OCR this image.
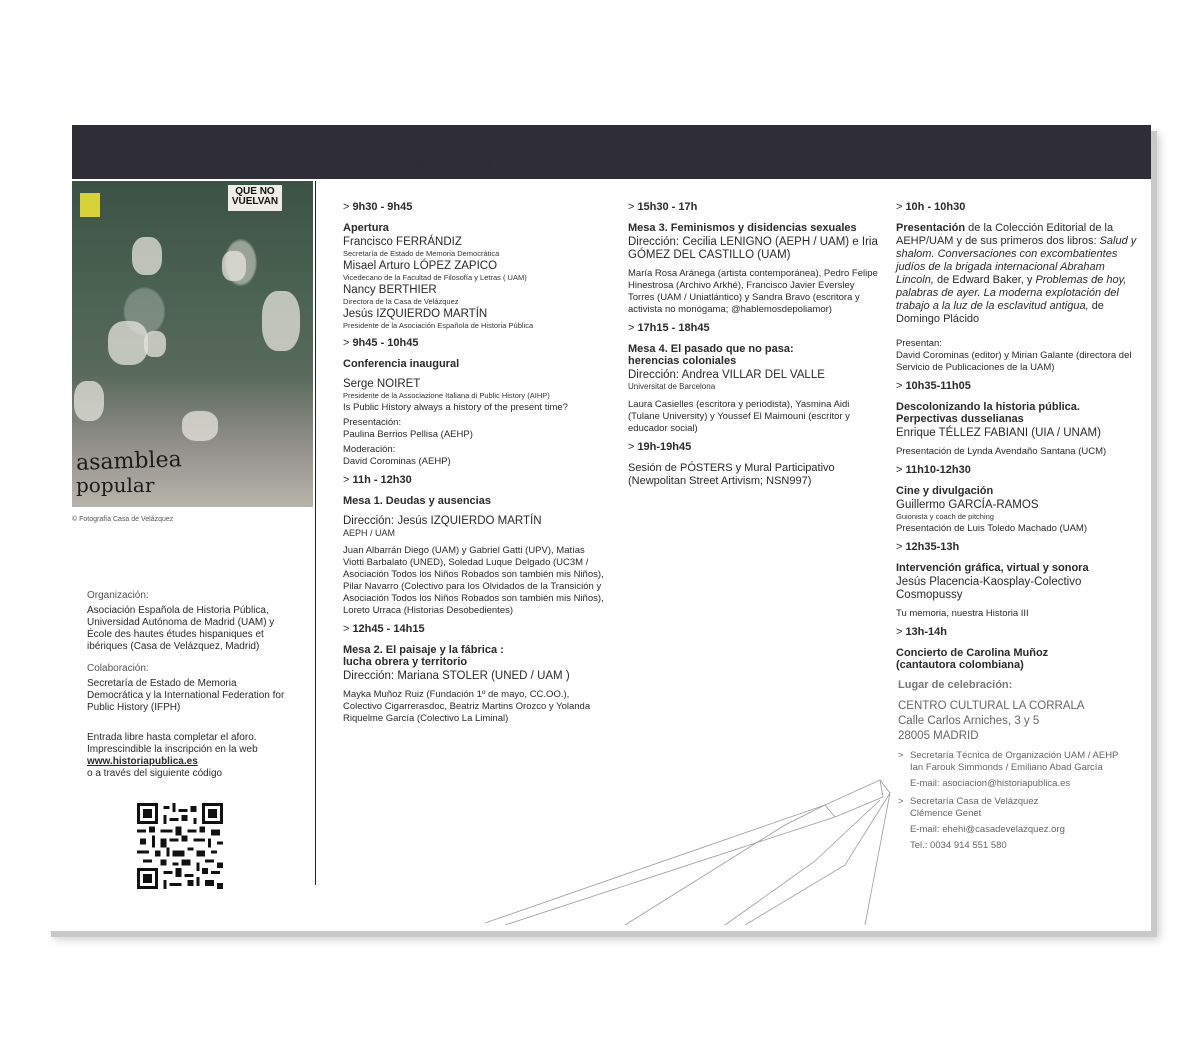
VIERNES 6/10	SÁBADO 7/10
QUE NO VUELVAN
asamblea
popular
© Fotografía Casa de Velázquez
Organización:

Asociación Española de Historia Pública, Universidad Autónoma de Madrid (UAM) y École des hautes études hispaniques et ibériques (Casa de Velázquez, Madrid)

Colaboración:

Secretaría de Estado de Memoria Democrática y la International Federation for Public History (IFPH)

Entrada libre hasta completar el aforo. Imprescindible la inscripción en la web
www.historiapublica.es
o a través del siguiente código
> 9h30 - 9h45
Apertura
Francisco FERRÁNDIZ
Secretaría de Estado de Memoria Democrática
Misael Arturo LÓPEZ ZAPICO
Vicedecano de la Facultad de Filosofía y Letras ( UAM)
Nancy BERTHIER
Directora de la Casa de Velázquez
Jesús IZQUIERDO MARTÍN
Presidente de la Asociación Española de Historia Pública
> 9h45 - 10h45
Conferencia inaugural
Serge NOIRET
Presidente de la Associazione Italiana di Public History (AIHP)
Is Public History always a history of the present time?
Presentación:
Paulina Berrios Pellisa (AEHP)
Moderación:
David Corominas (AEHP)
> 11h - 12h30
Mesa 1. Deudas y ausencias
Dirección: Jesús IZQUIERDO MARTÍN
AEPH / UAM
Juan Albarrán Diego (UAM) y Gabriel Gatti (UPV), Matías Viotti Barbalato (UNED), Soledad Luque Delgado (UC3M / Asociación Todos los Niños Robados son también mis Niños), Pilar Navarro (Colectivo para los Olvidados de la Transición y Asociación Todos los Niños Robados son también mis Niños), Loreto Urraca (Historias Desobedientes)
> 12h45 - 14h15
Mesa 2. El paisaje y la fábrica : lucha obrera y territorio
Dirección: Mariana STOLER (UNED / UAM )
Mayka Muñoz Ruiz (Fundación 1º de mayo, CC.OO.), Colectivo Cigarrerasdoc, Beatriz Martins Orozco y Yolanda Riquelme García (Colectivo La Liminal)
> 15h30 - 17h
Mesa 3. Feminismos y disidencias sexuales
Dirección: Cecilia LENIGNO (AEPH / UAM) e Iria GÓMEZ DEL CASTILLO (UAM)
María Rosa Aránega (artista contemporánea), Pedro Felipe Hinestrosa (Archivo Arkhé), Francisco Javier Eversley Torres (UAM / Uniatlántico) y Sandra Bravo (escritora y activista no monógama; @hablemosdepoliamor)
> 17h15 - 18h45
Mesa 4. El pasado que no pasa: herencias coloniales
Dirección: Andrea VILLAR DEL VALLE
Universitat de Barcelona
Laura Casielles (escritora y periodista), Yasmina Aidi (Tulane University) y Youssef El Maimouni (escritor y educador social)
> 19h-19h45
Sesión de PÓSTERS y Mural Participativo (Newpolitan Street Artivism; NSN997)
> 10h - 10h30
Presentación de la Colección Editorial de la AEHP/UAM y de sus primeros dos libros: Salud y shalom. Conversaciones con excombatientes judíos de la brigada internacional Abraham Lincoln, de Edward Baker, y Problemas de hoy, palabras de ayer. La moderna explotación del trabajo a la luz de la esclavitud antigua, de Domingo Plácido
Presentan:
David Corominas (editor) y Mirian Galante (directora del Servicio de Publicaciones de la UAM)
> 10h35-11h05
Descolonizando la historia pública. Perpectivas dusselianas
Enrique TÉLLEZ FABIANI (UIA / UNAM)
Presentación de Lynda Avendaño Santana (UCM)
> 11h10-12h30
Cine y divulgación
Guillermo GARCÍA-RAMOS
Guionista y coach de pitching
Presentación de Luis Toledo Machado (UAM)
> 12h35-13h
Intervención gráfica, virtual y sonora
Jesús Placencia-Kaosplay-Colectivo Cosmopussy
Tu memoria, nuestra Historia III
> 13h-14h
Concierto de Carolina Muñoz (cantautora colombiana)
Lugar de celebración:
CENTRO CULTURAL LA CORRALA
Calle Carlos Arniches, 3 y 5
28005 MADRID
> Secretaría Técnica de Organización UAM / AEHP
Ian Farouk Simmonds / Emiliano Abad García
E-mail: asociacion@historiapublica.es
> Secretaría Casa de Velázquez
Clémence Genet
E-mail: ehehi@casadevelazquez.org
Tel.: 0034 914 551 580
